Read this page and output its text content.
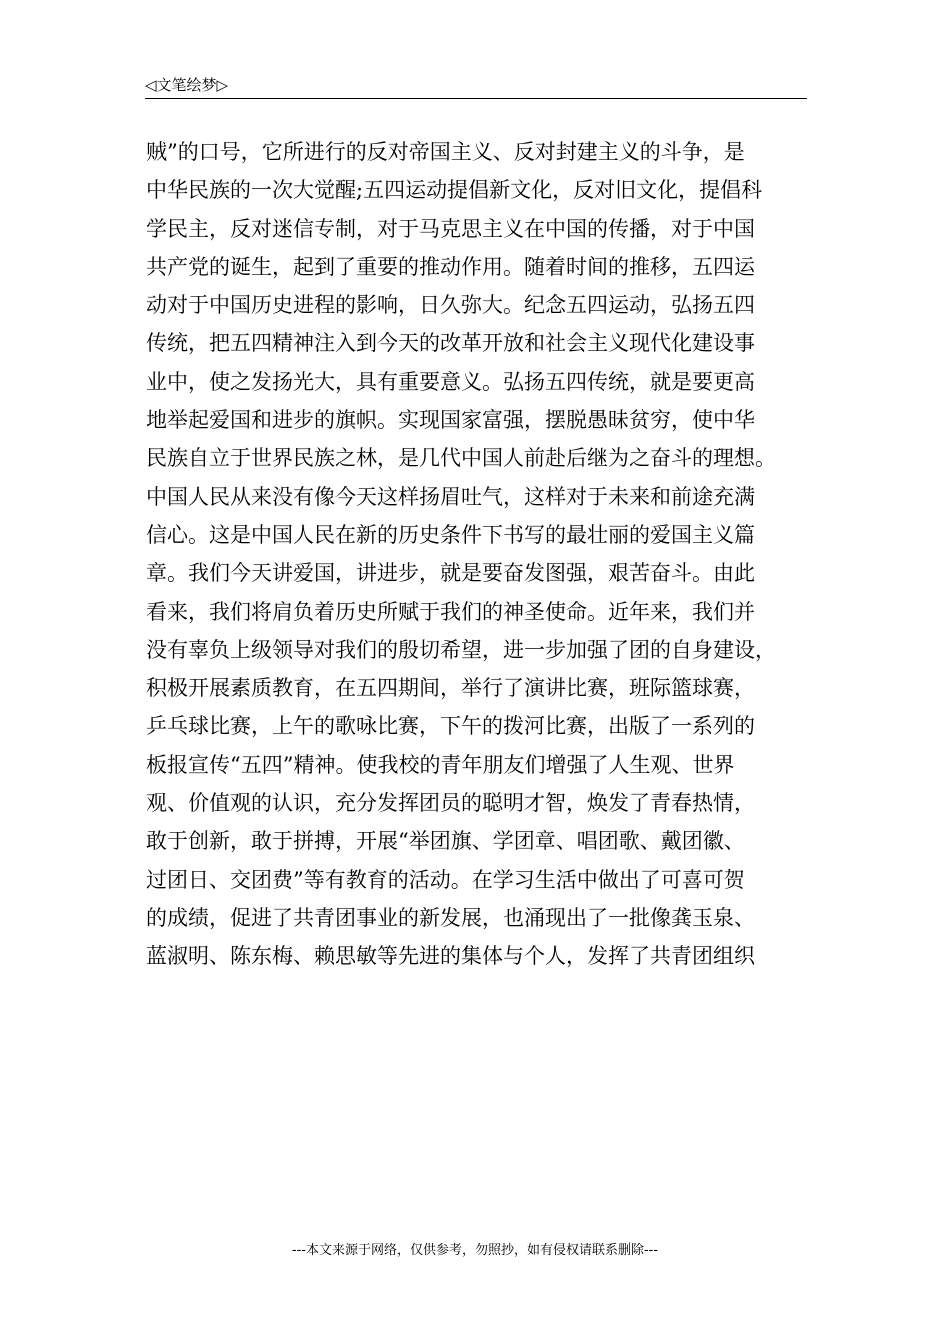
◁文笔绘梦▷
贼”的口号，它所进行的反对帝国主义、反对封建主义的斗争，是
中华民族的一次大觉醒;五四运动提倡新文化，反对旧文化，提倡科
学民主，反对迷信专制，对于马克思主义在中国的传播，对于中国
共产党的诞生，起到了重要的推动作用。随着时间的推移，五四运
动对于中国历史进程的影响，日久弥大。纪念五四运动，弘扬五四
传统，把五四精神注入到今天的改革开放和社会主义现代化建设事
业中，使之发扬光大，具有重要意义。弘扬五四传统，就是要更高
地举起爱国和进步的旗帜。实现国家富强，摆脱愚昧贫穷，使中华
民族自立于世界民族之林，是几代中国人前赴后继为之奋斗的理想。
中国人民从来没有像今天这样扬眉吐气，这样对于未来和前途充满
信心。这是中国人民在新的历史条件下书写的最壮丽的爱国主义篇
章。我们今天讲爱国，讲进步，就是要奋发图强，艰苦奋斗。由此
看来，我们将肩负着历史所赋于我们的神圣使命。近年来，我们并
没有辜负上级领导对我们的殷切希望，进一步加强了团的自身建设，
积极开展素质教育，在五四期间，举行了演讲比赛，班际篮球赛，
乒乓球比赛，上午的歌咏比赛，下午的拨河比赛，出版了一系列的
板报宣传“五四”精神。使我校的青年朋友们增强了人生观、世界
观、价值观的认识，充分发挥团员的聪明才智，焕发了青春热情，
敢于创新，敢于拼搏，开展“举团旗、学团章、唱团歌、戴团徽、
过团日、交团费”等有教育的活动。在学习生活中做出了可喜可贺
的成绩，促进了共青团事业的新发展，也涌现出了一批像龚玉泉、
蓝淑明、陈东梅、赖思敏等先进的集体与个人，发挥了共青团组织
---本文来源于网络，仅供参考，勿照抄，如有侵权请联系删除---
